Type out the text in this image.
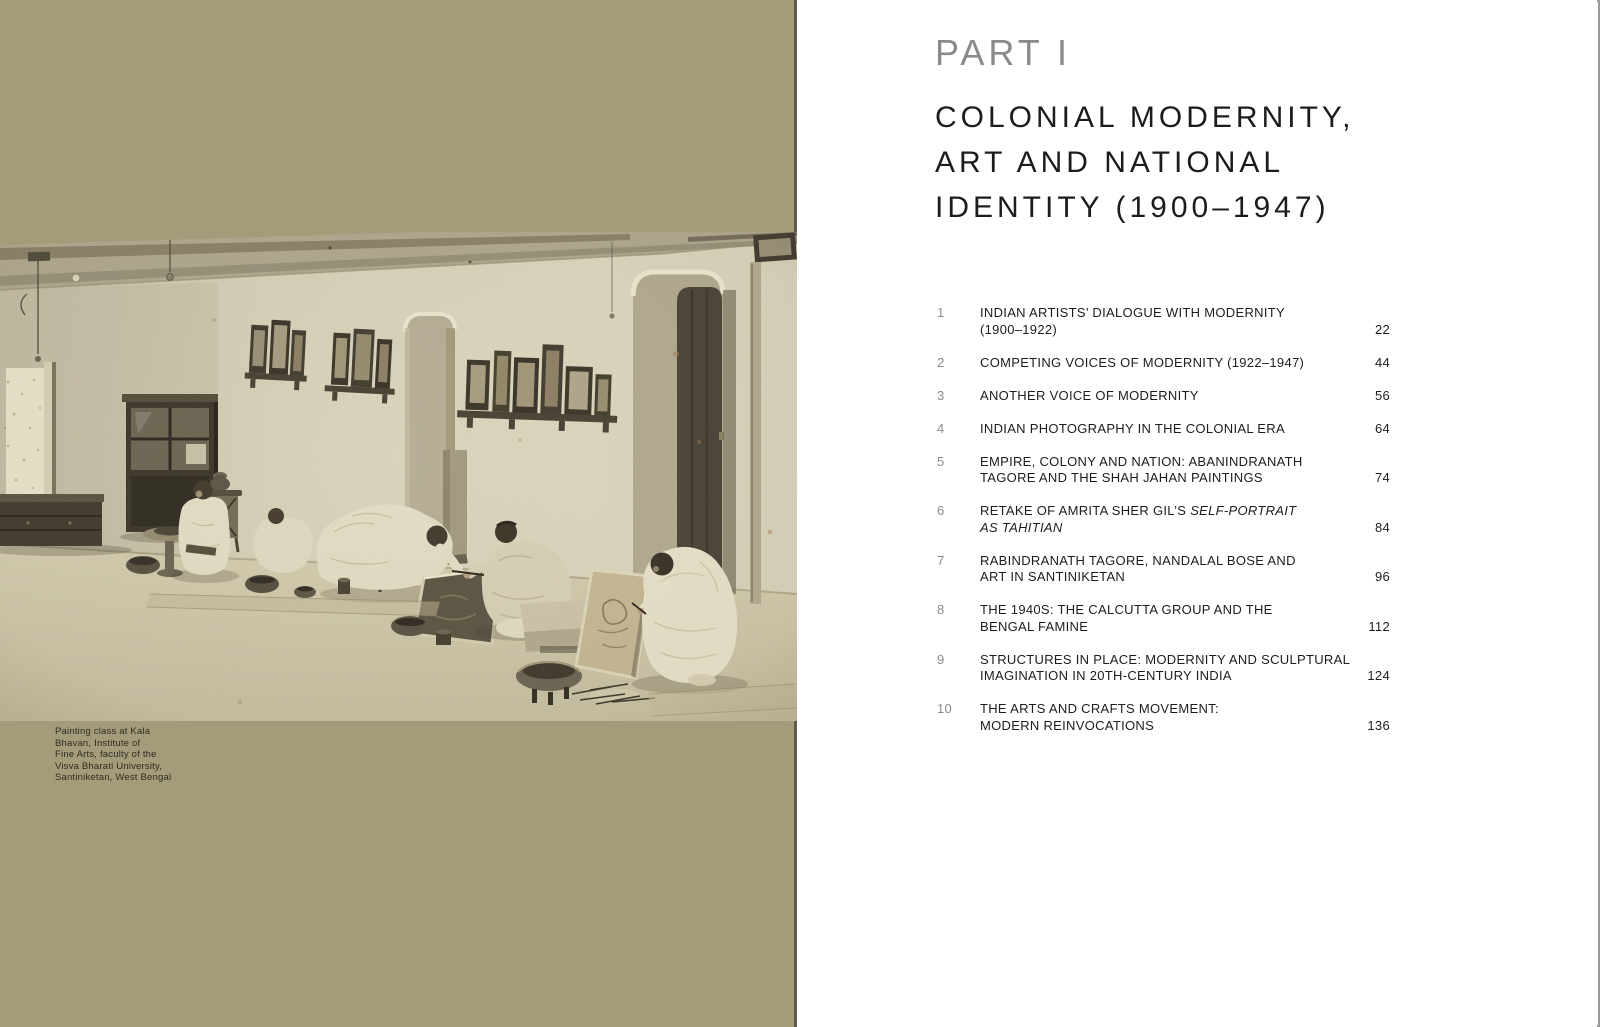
Painting class at Kala
Bhavan, Institute of
Fine Arts, faculty of the
Visva Bharati University,
Santiniketan, West Bengal
PART I
COLONIAL MODERNITY,
ART AND NATIONAL
IDENTITY (1900–1947)
1	INDIAN ARTISTS’ DIALOGUE WITH MODERNITY
(1900–1922)	22
2	COMPETING VOICES OF MODERNITY (1922–1947)	44
3	ANOTHER VOICE OF MODERNITY	56
4	INDIAN PHOTOGRAPHY IN THE COLONIAL ERA	64
5	EMPIRE, COLONY AND NATION: ABANINDRANATH
TAGORE AND THE SHAH JAHAN PAINTINGS	74
6	RETAKE OF AMRITA SHER GIL’S SELF-PORTRAIT
AS TAHITIAN	84
7	RABINDRANATH TAGORE, NANDALAL BOSE AND
ART IN SANTINIKETAN	96
8	THE 1940S: THE CALCUTTA GROUP AND THE
BENGAL FAMINE	112
9	STRUCTURES IN PLACE: MODERNITY AND SCULPTURAL
IMAGINATION IN 20TH-CENTURY INDIA	124
10	THE ARTS AND CRAFTS MOVEMENT:
MODERN REINVOCATIONS	136
